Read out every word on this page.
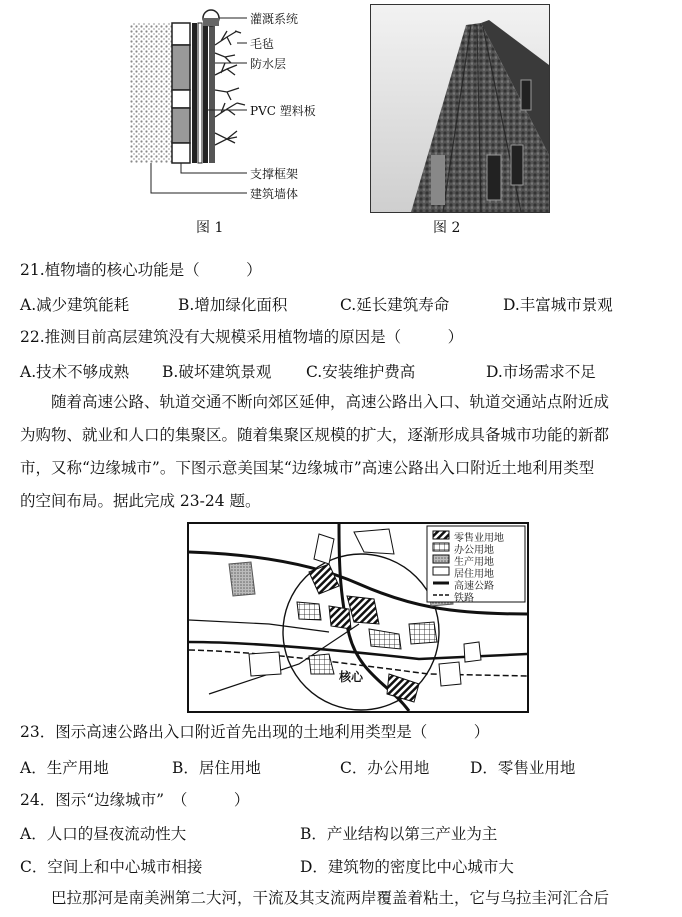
灌溉系统
毛毡
防水层
PVC 塑料板
支撑框架
建筑墙体
图 1	图 2
21.植物墙的核心功能是（　　　）
A.减少建筑能耗	B.增加绿化面积	C.延长建筑寿命	D.丰富城市景观
22.推测目前高层建筑没有大规模采用植物墙的原因是（　　　）
A.技术不够成熟 B.破坏建筑景观 C.安装维护费高	D.市场需求不足
　　随着高速公路、轨道交通不断向郊区延伸，高速公路出入口、轨道交通站点附近成
为购物、就业和人口的集聚区。随着集聚区规模的扩大，逐渐形成具备城市功能的新都
市，又称“边缘城市”。下图示意美国某“边缘城市”高速公路出入口附近土地利用类型
的空间布局。据此完成 23-24 题。
零售业用地
办公用地
生产用地
居住用地
高速公路
铁路
核心
23．图示高速公路出入口附近首先出现的土地利用类型是（　　　）
A．生产用地	B．居住用地	C．办公用地	D．零售业用地
24．图示“边缘城市”　（　　　）
A．人口的昼夜流动性大	B．产业结构以第三产业为主
C．空间上和中心城市相接	D．建筑物的密度比中心城市大
　　巴拉那河是南美洲第二大河，干流及其支流两岸覆盖着粘土，它与乌拉圭河汇合后
